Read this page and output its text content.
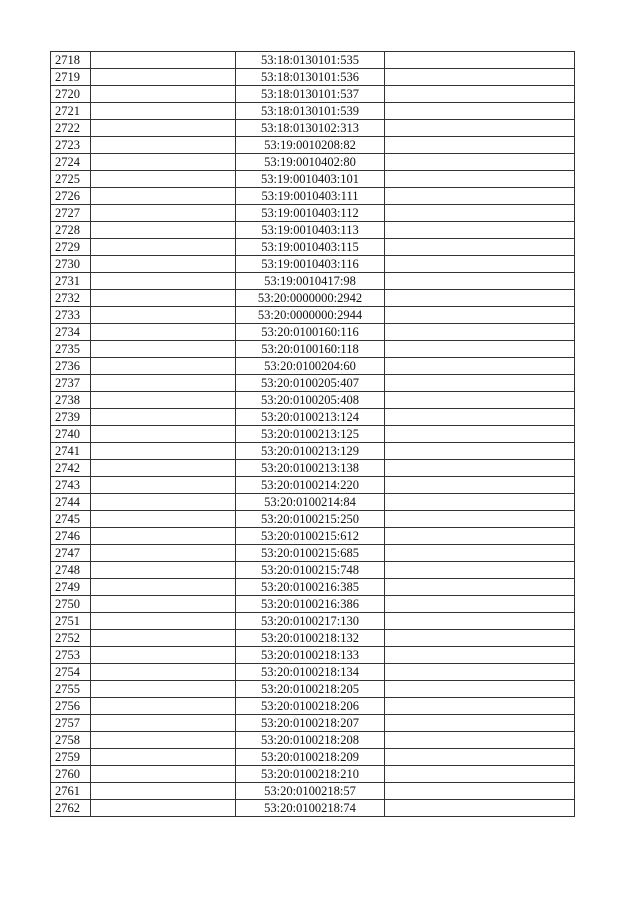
2718		53:18:0130101:535	
2719		53:18:0130101:536	
2720		53:18:0130101:537	
2721		53:18:0130101:539	
2722		53:18:0130102:313	
2723		53:19:0010208:82	
2724		53:19:0010402:80	
2725		53:19:0010403:101	
2726		53:19:0010403:111	
2727		53:19:0010403:112	
2728		53:19:0010403:113	
2729		53:19:0010403:115	
2730		53:19:0010403:116	
2731		53:19:0010417:98	
2732		53:20:0000000:2942	
2733		53:20:0000000:2944	
2734		53:20:0100160:116	
2735		53:20:0100160:118	
2736		53:20:0100204:60	
2737		53:20:0100205:407	
2738		53:20:0100205:408	
2739		53:20:0100213:124	
2740		53:20:0100213:125	
2741		53:20:0100213:129	
2742		53:20:0100213:138	
2743		53:20:0100214:220	
2744		53:20:0100214:84	
2745		53:20:0100215:250	
2746		53:20:0100215:612	
2747		53:20:0100215:685	
2748		53:20:0100215:748	
2749		53:20:0100216:385	
2750		53:20:0100216:386	
2751		53:20:0100217:130	
2752		53:20:0100218:132	
2753		53:20:0100218:133	
2754		53:20:0100218:134	
2755		53:20:0100218:205	
2756		53:20:0100218:206	
2757		53:20:0100218:207	
2758		53:20:0100218:208	
2759		53:20:0100218:209	
2760		53:20:0100218:210	
2761		53:20:0100218:57	
2762		53:20:0100218:74	
